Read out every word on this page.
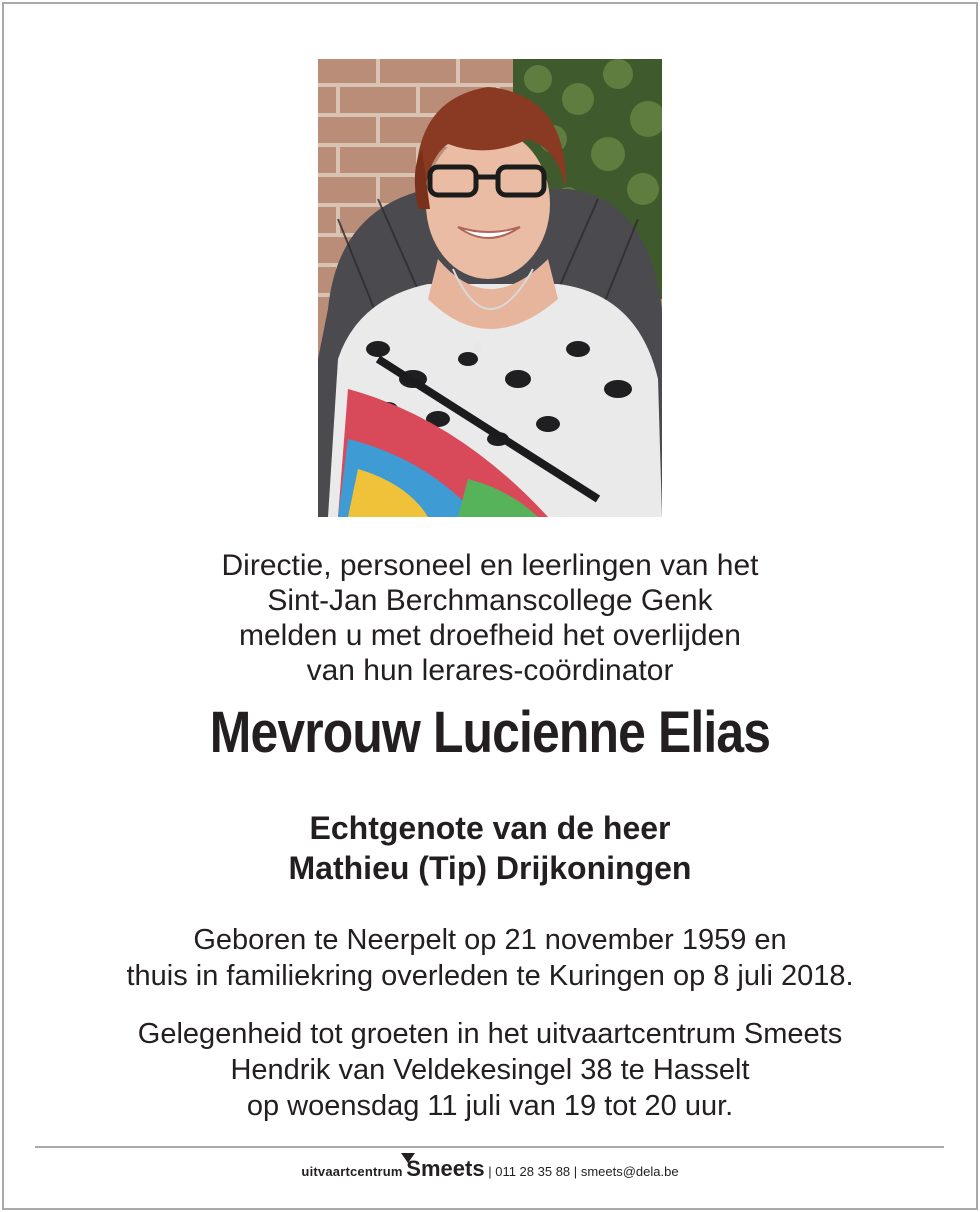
Directie, personeel en leerlingen van het
Sint-Jan Berchmanscollege Genk
melden u met droefheid het overlijden
van hun lerares-coördinator
Mevrouw Lucienne Elias
Echtgenote van de heer
Mathieu (Tip) Drijkoningen
Geboren te Neerpelt op 21 november 1959 en
thuis in familiekring overleden te Kuringen op 8 juli 2018.
Gelegenheid tot groeten in het uitvaartcentrum Smeets
Hendrik van Veldekesingel 38 te Hasselt
op woensdag 11 juli van 19 tot 20 uur.
uitvaartcentrum Smeets | 011 28 35 88 | smeets@dela.be
